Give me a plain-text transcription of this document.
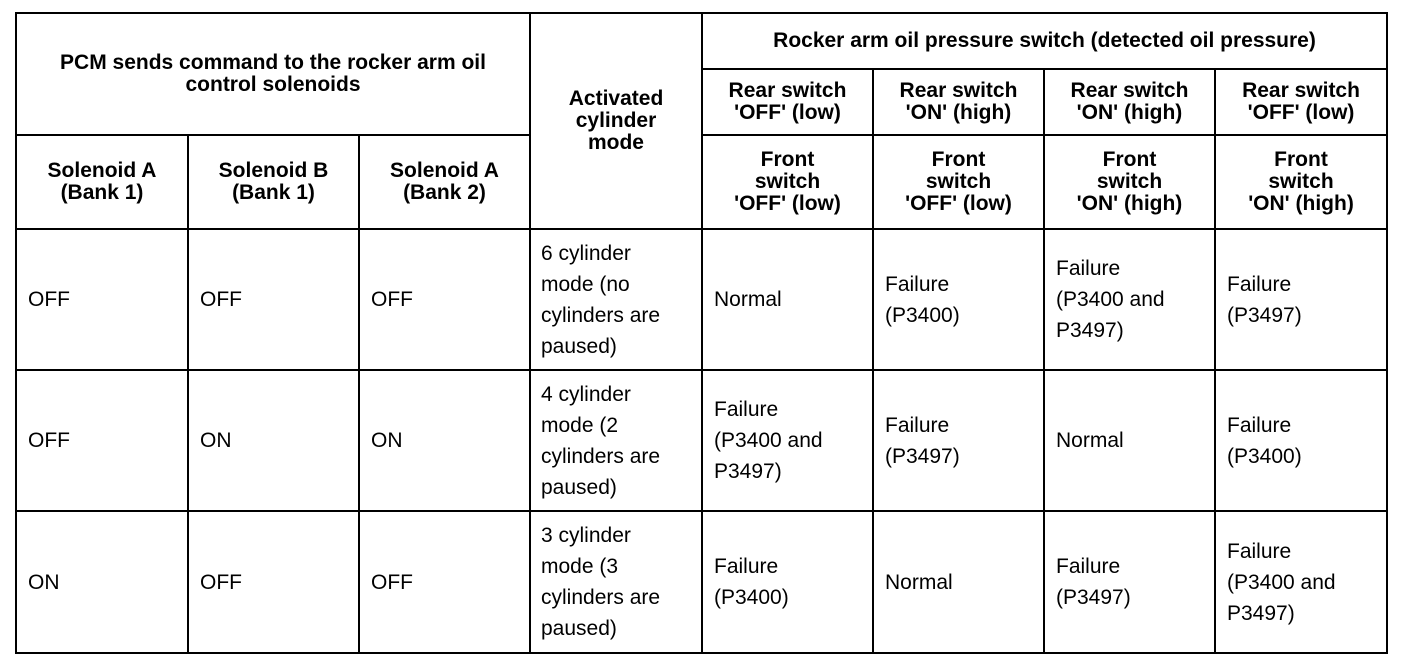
PCM sends command to the rocker arm oil control solenoids			Activated
cylinder
mode	Rocker arm oil pressure switch (detected oil pressure)			

				Rear switch
'OFF' (low)	Rear switch
'ON' (high)	Rear switch
'ON' (high)	Rear switch
'OFF' (low)

Solenoid A
(Bank 1)	Solenoid B
(Bank 1)	Solenoid A
(Bank 2)		Front
switch
'OFF' (low)	Front
switch
'OFF' (low)	Front
switch
'ON' (high)	Front
switch
'ON' (high)

OFF	OFF	OFF	6 cylinder
mode (no
cylinders are
paused)	Normal	Failure
(P3400)	Failure
(P3400 and
P3497)	Failure
(P3497)

OFF	ON	ON	4 cylinder
mode (2
cylinders are
paused)	Failure
(P3400 and
P3497)	Failure
(P3497)	Normal	Failure
(P3400)

ON	OFF	OFF	3 cylinder
mode (3
cylinders are
paused)	Failure
(P3400)	Normal	Failure
(P3497)	Failure
(P3400 and
P3497)
